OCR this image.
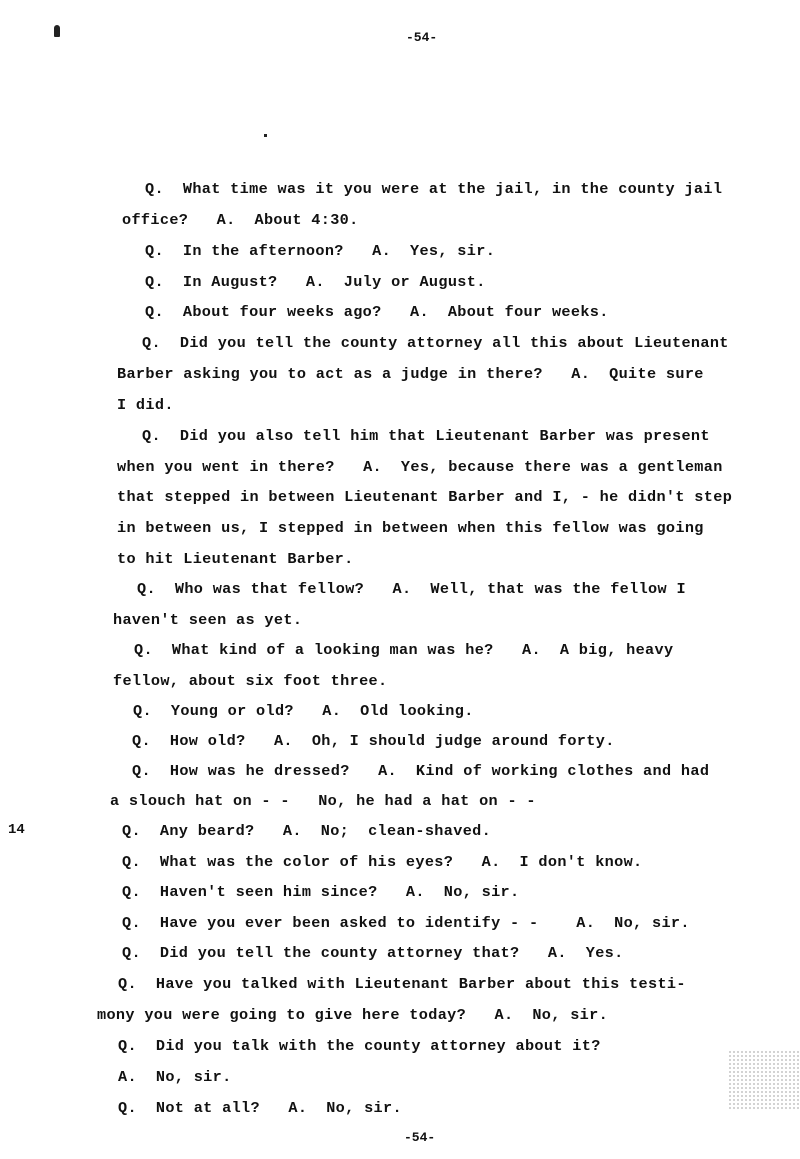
-54-
14
Q.  What time was it you were at the jail, in the county jail
office?   A.  About 4:30.
Q.  In the afternoon?   A.  Yes, sir.
Q.  In August?   A.  July or August.
Q.  About four weeks ago?   A.  About four weeks.
Q.  Did you tell the county attorney all this about Lieutenant
Barber asking you to act as a judge in there?   A.  Quite sure
I did.
Q.  Did you also tell him that Lieutenant Barber was present
when you went in there?   A.  Yes, because there was a gentleman
that stepped in between Lieutenant Barber and I, - he didn't step
in between us, I stepped in between when this fellow was going
to hit Lieutenant Barber.
Q.  Who was that fellow?   A.  Well, that was the fellow I
haven't seen as yet.
Q.  What kind of a looking man was he?   A.  A big, heavy
fellow, about six foot three.
Q.  Young or old?   A.  Old looking.
Q.  How old?   A.  Oh, I should judge around forty.
Q.  How was he dressed?   A.  Kind of working clothes and had
a slouch hat on - -   No, he had a hat on - -
Q.  Any beard?   A.  No;  clean-shaved.
Q.  What was the color of his eyes?   A.  I don't know.
Q.  Haven't seen him since?   A.  No, sir.
Q.  Have you ever been asked to identify - -    A.  No, sir.
Q.  Did you tell the county attorney that?   A.  Yes.
Q.  Have you talked with Lieutenant Barber about this testi-
mony you were going to give here today?   A.  No, sir.
Q.  Did you talk with the county attorney about it?
A.  No, sir.
Q.  Not at all?   A.  No, sir.
-54-
